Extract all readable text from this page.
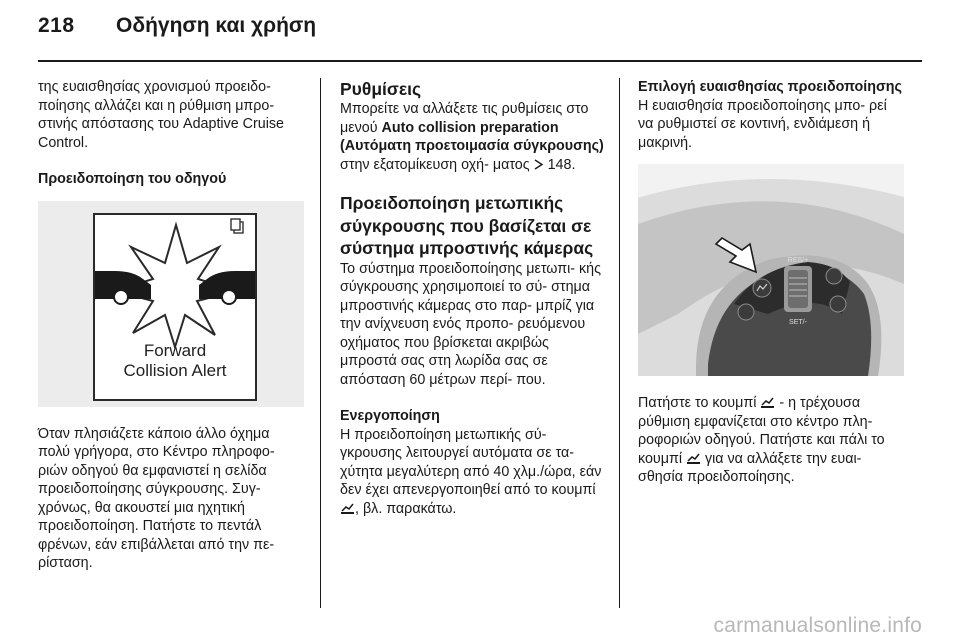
218 Οδήγηση και χρήση

της ευαισθησίας χρονισμού προειδο- ποίησης αλλάζει και η ρύθμιση μπρο- στινής απόστασης του Adaptive Cruise Control.

Προειδοποίηση του οδηγού

Forward
Collision Alert

Όταν πλησιάζετε κάποιο άλλο όχημα πολύ γρήγορα, στο Κέντρο πληροφο- ριών οδηγού θα εμφανιστεί η σελίδα προειδοποίησης σύγκρουσης. Συγ- χρόνως, θα ακουστεί μια ηχητική προειδοποίηση. Πατήστε το πεντάλ φρένων, εάν επιβάλλεται από την πε- ρίσταση.

Ρυθμίσεις

Μπορείτε να αλλάξετε τις ρυθμίσεις στο μενού Auto collision preparation (Αυτόματη προετοιμασία σύγκρουσης) στην εξατομίκευση οχή- ματος  148.

Προειδοποίηση μετωπικής σύγκρουσης που βασίζεται σε σύστημα μπροστινής κάμερας

Το σύστημα προειδοποίησης μετωπι- κής σύγκρουσης χρησιμοποιεί το σύ- στημα μπροστινής κάμερας στο παρ- μπρίζ για την ανίχνευση ενός προπο- ρευόμενου οχήματος που βρίσκεται ακριβώς μπροστά σας στη λωρίδα σας σε απόσταση 60 μέτρων περί- που.

Ενεργοποίηση

Η προειδοποίηση μετωπικής σύ- γκρουσης λειτουργεί αυτόματα σε τα- χύτητα μεγαλύτερη από 40 χλμ./ώρα, εάν δεν έχει απενεργοποιηθεί από το κουμπί , βλ. παρακάτω.

Επιλογή ευαισθησίας προειδοποίησης

Η ευαισθησία προειδοποίησης μπο- ρεί να ρυθμιστεί σε κοντινή, ενδιάμεση ή μακρινή.

RES/+
SET/-

Πατήστε το κουμπί  - η τρέχουσα ρύθμιση εμφανίζεται στο κέντρο πλη- ροφοριών οδηγού. Πατήστε και πάλι το κουμπί  για να αλλάξετε την ευαι- σθησία προειδοποίησης.

carmanualsonline.info
